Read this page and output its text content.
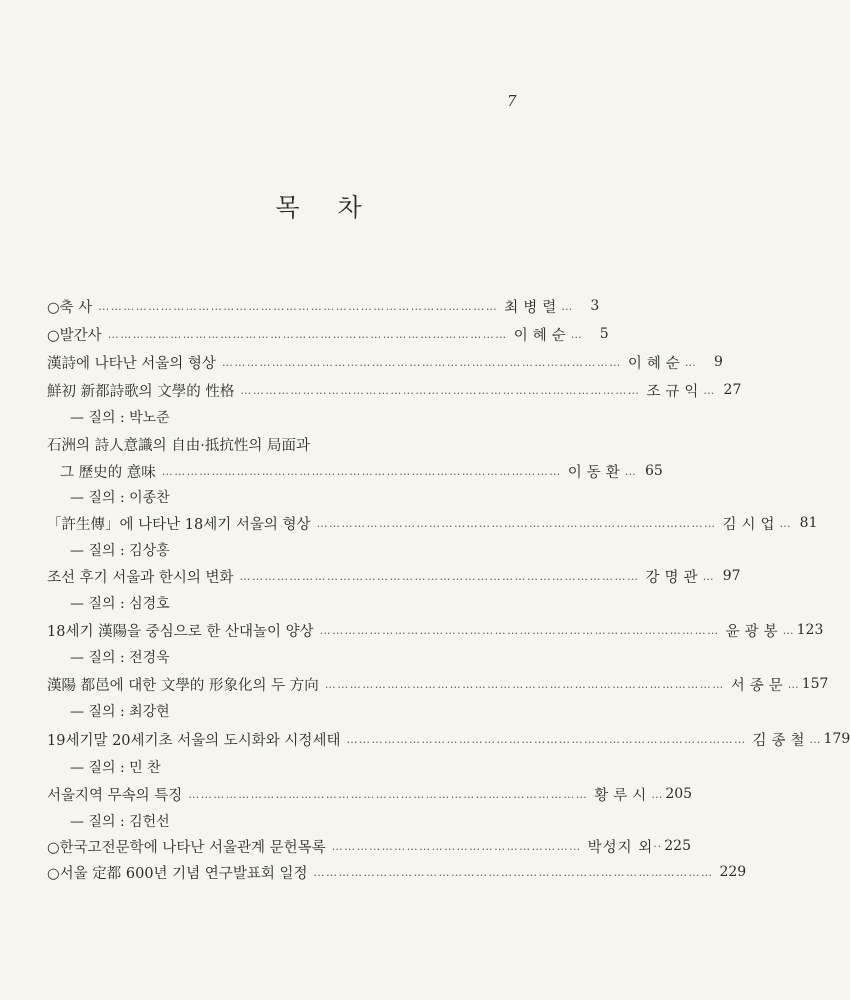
7
목 차
○축 사 …………………………………………………………………………………… 최병렬 …	3
○발간사 …………………………………………………………………………………… 이혜순 …	5
漢詩에 나타난 서울의 형상 …………………………………………………………………………………… 이혜순 …	9
鮮初 新都詩歌의 文學的 性格 …………………………………………………………………………………… 조규익 … 27
— 질의 : 박노준
石洲의 詩人意識의 自由·抵抗性의 局面과
그 歷史的 意味 …………………………………………………………………………………… 이동환 … 65
— 질의 : 이종찬
「許生傳」에 나타난 18세기 서울의 형상 …………………………………………………………………………………… 김시업 … 81
— 질의 : 김상홍
조선 후기 서울과 한시의 변화 …………………………………………………………………………………… 강명관 … 97
— 질의 : 심경호
18세기 漢陽을 중심으로 한 산대놀이 양상 …………………………………………………………………………………… 윤광봉 … 123
— 질의 : 전경욱
漢陽 都邑에 대한 文學的 形象化의 두 方向 …………………………………………………………………………………… 서종문 … 157
— 질의 : 최강현
19세기말 20세기초 서울의 도시화와 시정세태 …………………………………………………………………………………… 김종철 … 179
— 질의 : 민 찬
서울지역 무속의 특징 …………………………………………………………………………………… 황루시 … 205
— 질의 : 김헌선
○한국고전문학에 나타난 서울관계 문헌목록 …………………………………………………… 박성지 외 ·· 225
○서울 定都 600년 기념 연구발표회 일정 …………………………………………………………………………………… 229
